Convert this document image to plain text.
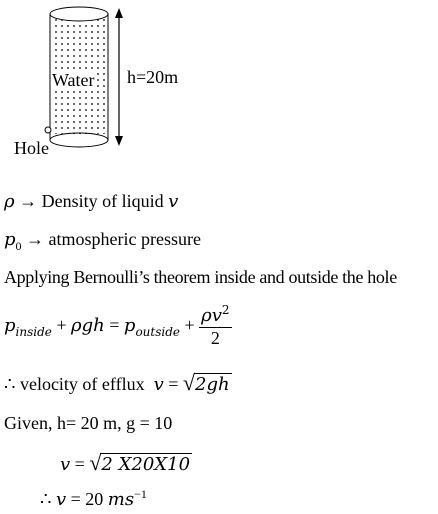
Water h=20m
Hole
ρ → Density of liquid v
$p_0$ → atmospheric pressure
Applying Bernoulli’s theorem inside and outside the hole
$p_{inside} + \rho gh = p_{outside} + \frac{\rho v^2}{2}$
∴ velocity of efflux v = √2gh
Given, h= 20 m, g = 10
v = √2 X20X10
∴ v = 20 $ms^{-1}$
